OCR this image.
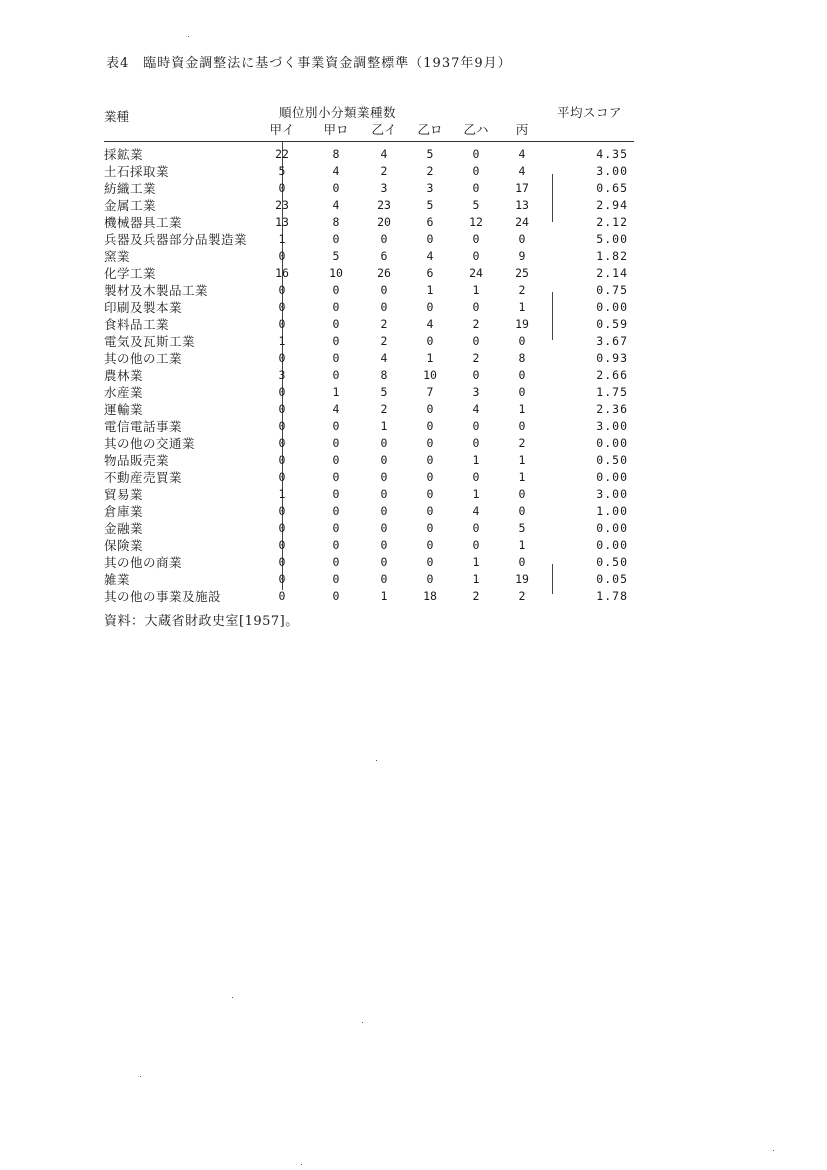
表4　臨時資金調整法に基づく事業資金調整標準（1937年9月）
業種	順位別小分類業種数	平均スコア
甲イ	甲ロ	乙イ	乙ロ	乙ハ	丙
採鉱業	22	8	4	5	0	4	4.35
土石採取業	5	4	2	2	0	4	3.00
紡織工業	0	0	3	3	0	17	0.65
金属工業	23	4	23	5	5	13	2.94
機械器具工業	13	8	20	6	12	24	2.12
兵器及兵器部分品製造業	1	0	0	0	0	0	5.00
窯業	0	5	6	4	0	9	1.82
化学工業	16	10	26	6	24	25	2.14
製材及木製品工業	0	0	0	1	1	2	0.75
印刷及製本業	0	0	0	0	0	1	0.00
食料品工業	0	0	2	4	2	19	0.59
電気及瓦斯工業	1	0	2	0	0	0	3.67
其の他の工業	0	0	4	1	2	8	0.93
農林業	3	0	8	10	0	0	2.66
水産業	0	1	5	7	3	0	1.75
運輸業	0	4	2	0	4	1	2.36
電信電話事業	0	0	1	0	0	0	3.00
其の他の交通業	0	0	0	0	0	2	0.00
物品販売業	0	0	0	0	1	1	0.50
不動産売買業	0	0	0	0	0	1	0.00
貿易業	1	0	0	0	1	0	3.00
倉庫業	0	0	0	0	4	0	1.00
金融業	0	0	0	0	0	5	0.00
保険業	0	0	0	0	0	1	0.00
其の他の商業	0	0	0	0	1	0	0.50
雑業	0	0	0	0	1	19	0.05
其の他の事業及施設	0	0	1	18	2	2	1.78
資料：大蔵省財政史室[1957]。
